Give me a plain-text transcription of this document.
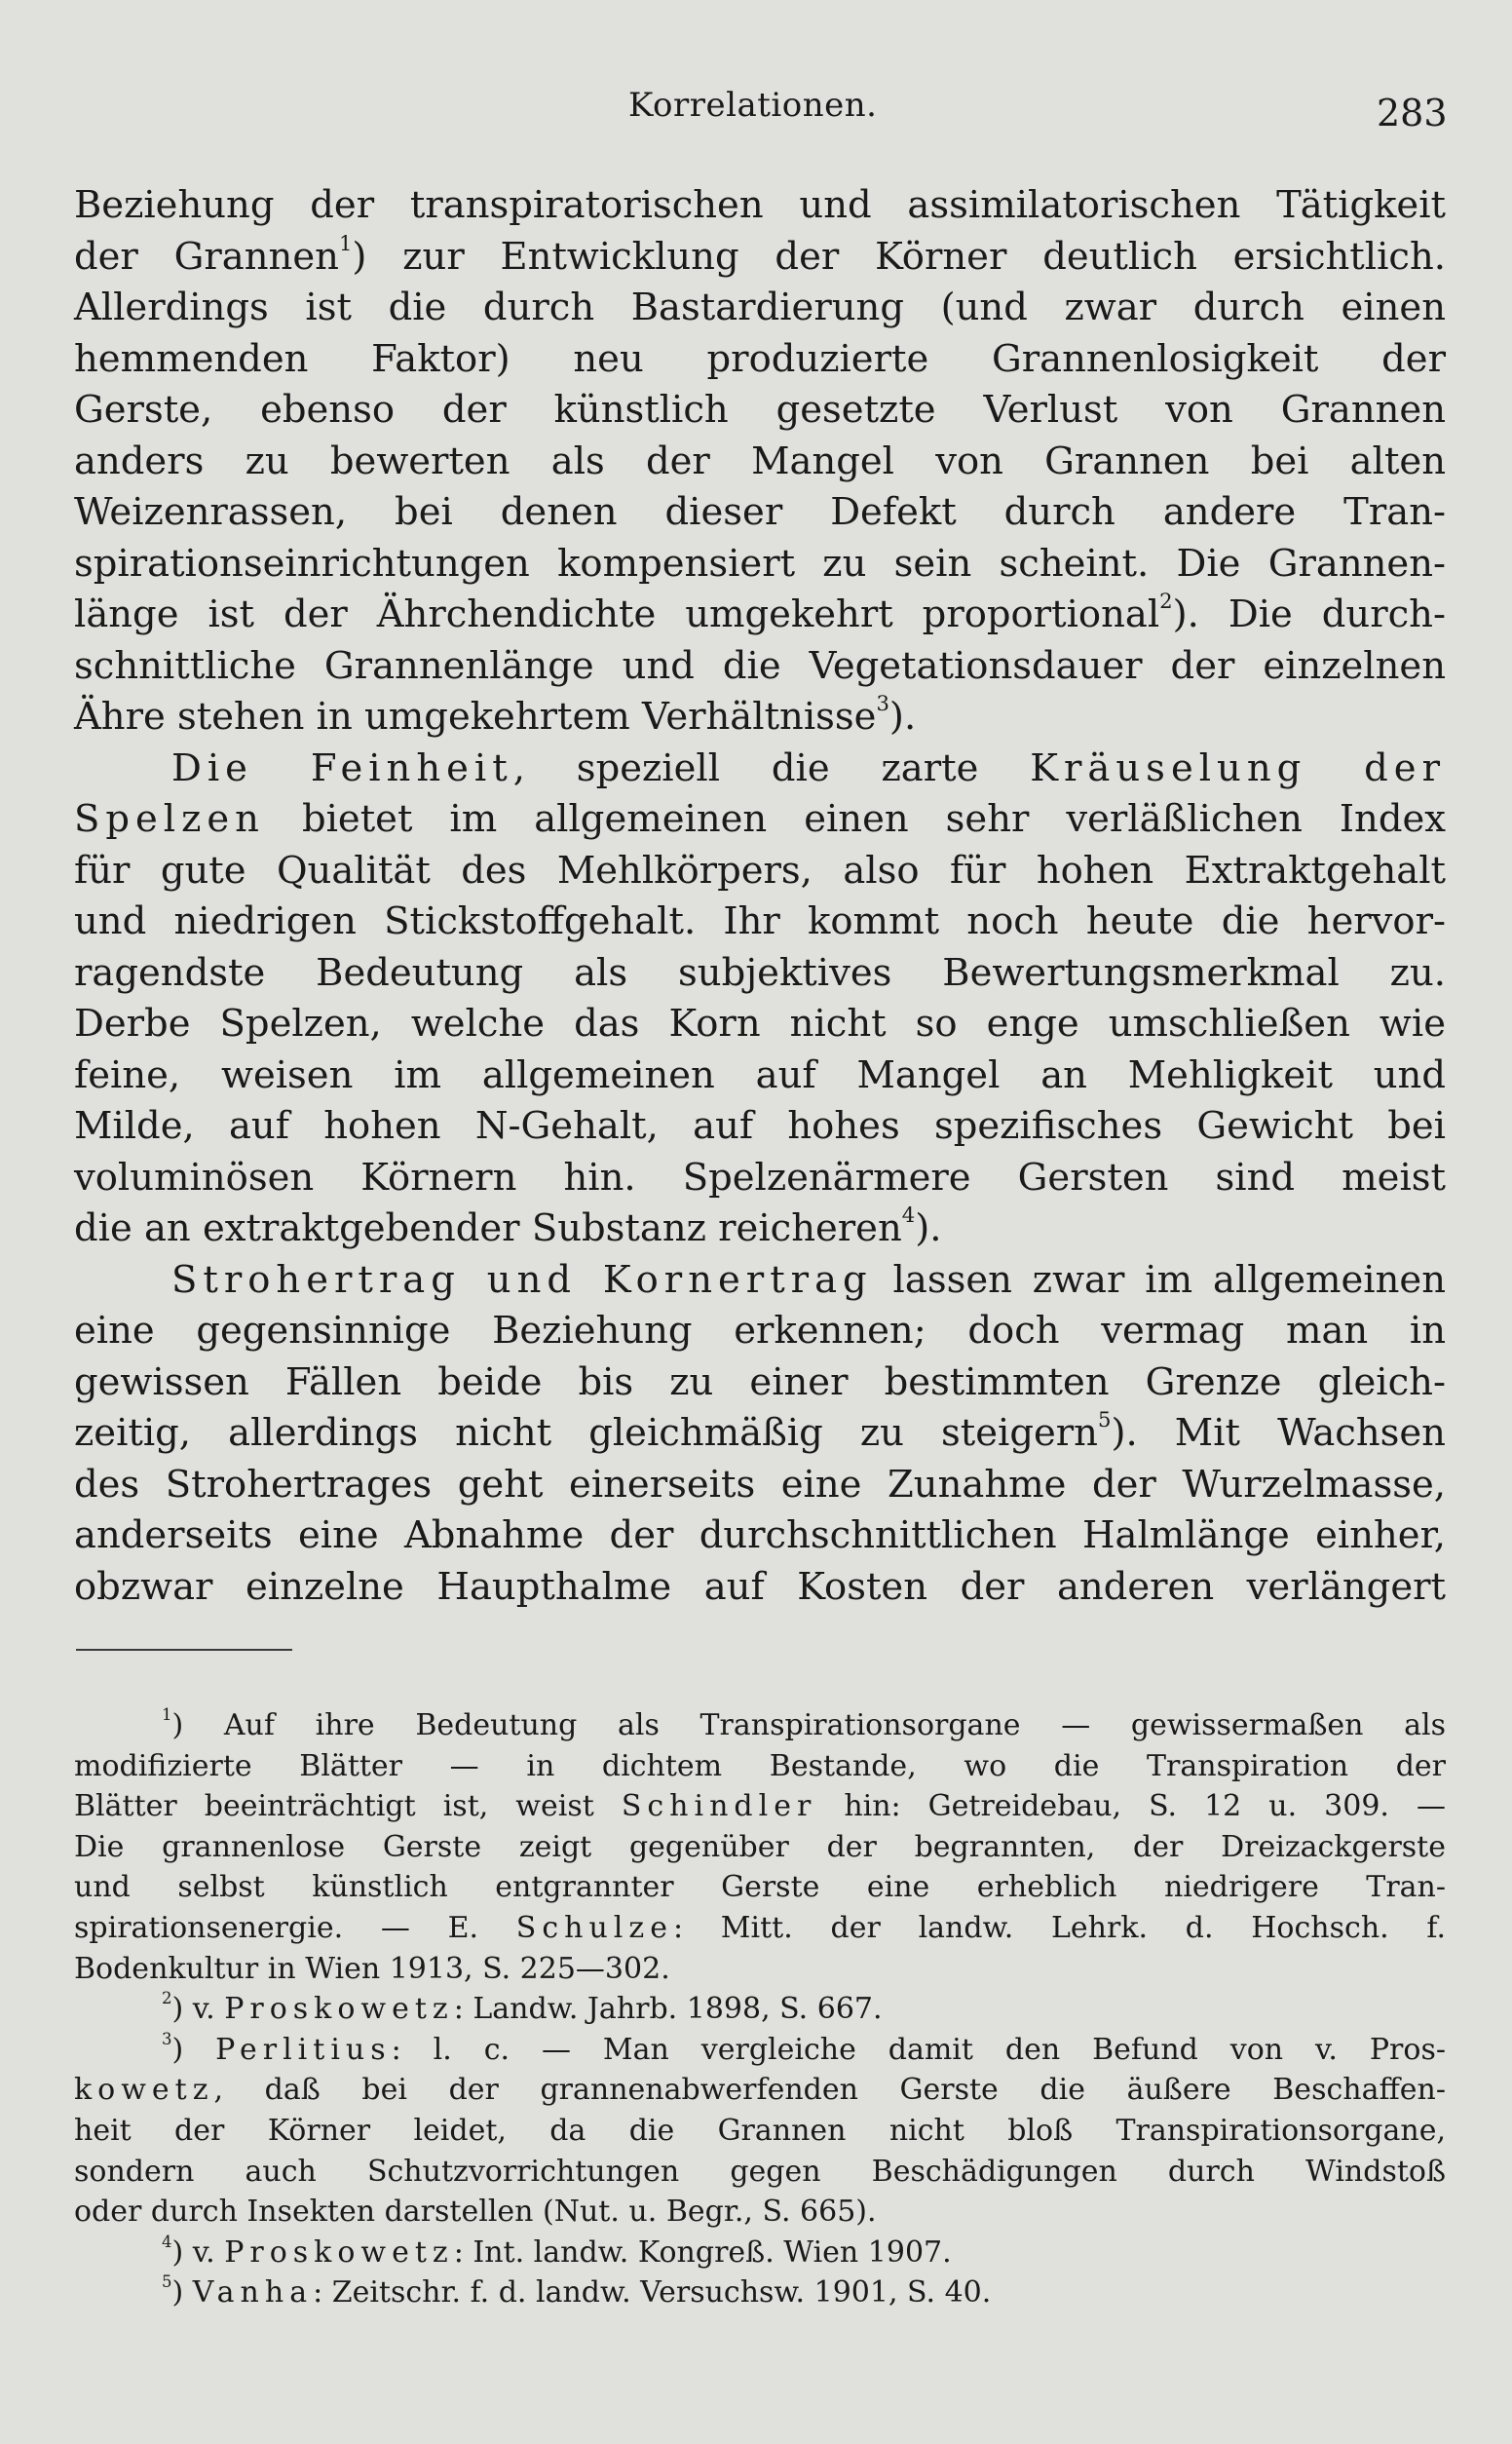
Korrelationen.	283
Beziehung der transpiratorischen und assimilatorischen Tätigkeit
der Grannen$^1$) zur Entwicklung der Körner deutlich ersichtlich.
Allerdings ist die durch Bastardierung (und zwar durch einen
hemmenden Faktor) neu produzierte Grannenlosigkeit der
Gerste, ebenso der künstlich gesetzte Verlust von Grannen
anders zu bewerten als der Mangel von Grannen bei alten
Weizenrassen, bei denen dieser Defekt durch andere Tran-
spirationseinrichtungen kompensiert zu sein scheint. Die Grannen-
länge ist der Ährchendichte umgekehrt proportional$^2$). Die durch-
schnittliche Grannenlänge und die Vegetationsdauer der einzelnen
Ähre stehen in umgekehrtem Verhältnisse$^3$).
Die Feinheit, speziell die zarte Kräuselung der
Spelzen bietet im allgemeinen einen sehr verläßlichen Index
für gute Qualität des Mehlkörpers, also für hohen Extraktgehalt
und niedrigen Stickstoffgehalt. Ihr kommt noch heute die hervor-
ragendste Bedeutung als subjektives Bewertungsmerkmal zu.
Derbe Spelzen, welche das Korn nicht so enge umschließen wie
feine, weisen im allgemeinen auf Mangel an Mehligkeit und
Milde, auf hohen N-Gehalt, auf hohes spezifisches Gewicht bei
voluminösen Körnern hin. Spelzenärmere Gersten sind meist
die an extraktgebender Substanz reicheren$^4$).
Strohertrag und Kornertrag lassen zwar im allgemeinen
eine gegensinnige Beziehung erkennen; doch vermag man in
gewissen Fällen beide bis zu einer bestimmten Grenze gleich-
zeitig, allerdings nicht gleichmäßig zu steigern$^5$). Mit Wachsen
des Strohertrages geht einerseits eine Zunahme der Wurzelmasse,
anderseits eine Abnahme der durchschnittlichen Halmlänge einher,
obzwar einzelne Haupthalme auf Kosten der anderen verlängert
$^1$) Auf ihre Bedeutung als Transpirationsorgane — gewissermaßen als
modifizierte Blätter — in dichtem Bestande, wo die Transpiration der
Blätter beeinträchtigt ist, weist Schindler hin: Getreidebau, S. 12 u. 309. —
Die grannenlose Gerste zeigt gegenüber der begrannten, der Dreizackgerste
und selbst künstlich entgrannter Gerste eine erheblich niedrigere Tran-
spirationsenergie. — E. Schulze: Mitt. der landw. Lehrk. d. Hochsch. f.
Bodenkultur in Wien 1913, S. 225—302.
$^2$) v. Proskowetz: Landw. Jahrb. 1898, S. 667.
$^3$) Perlitius: l. c. — Man vergleiche damit den Befund von v. Pros-
kowetz, daß bei der grannenabwerfenden Gerste die äußere Beschaffen-
heit der Körner leidet, da die Grannen nicht bloß Transpirationsorgane,
sondern auch Schutzvorrichtungen gegen Beschädigungen durch Windstoß
oder durch Insekten darstellen (Nut. u. Begr., S. 665).
$^4$) v. Proskowetz: Int. landw. Kongreß. Wien 1907.
$^5$) Vanha: Zeitschr. f. d. landw. Versuchsw. 1901, S. 40.
